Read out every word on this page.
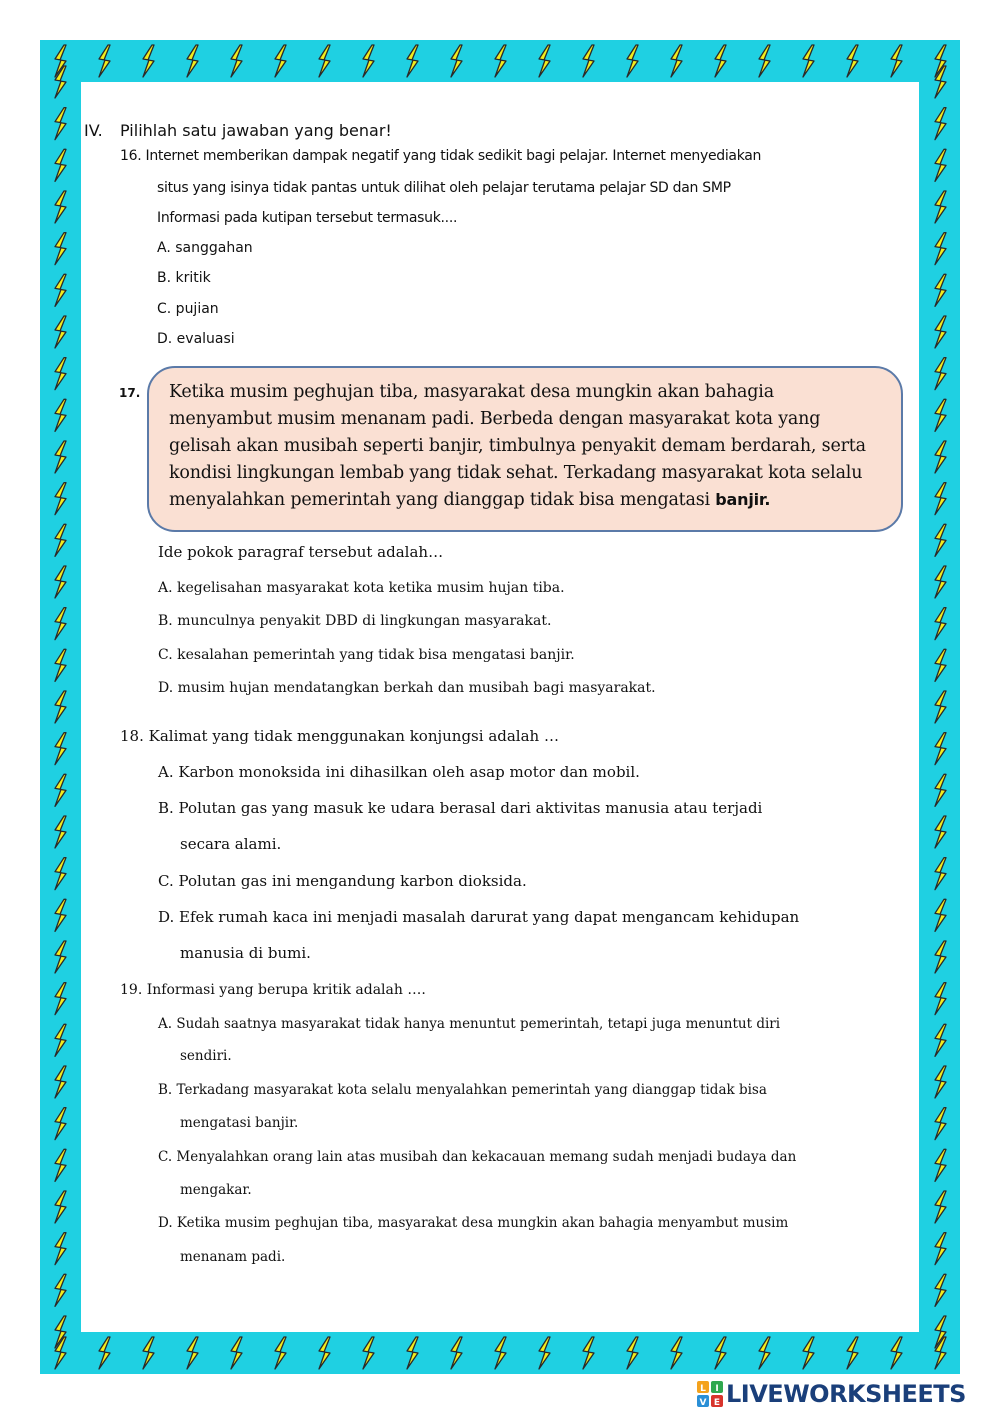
IV. Pilihlah satu jawaban yang benar!
16. Internet memberikan dampak negatif yang tidak sedikit bagi pelajar. Internet menyediakan
situs yang isinya tidak pantas untuk dilihat oleh pelajar terutama pelajar SD dan SMP
Informasi pada kutipan tersebut termasuk....
A. sanggahan
B. kritik
C. pujian
D. evaluasi
17. Ketika musim peghujan tiba, masyarakat desa mungkin akan bahagia
menyambut musim menanam padi. Berbeda dengan masyarakat kota yang
gelisah akan musibah seperti banjir, timbulnya penyakit demam berdarah, serta
kondisi lingkungan lembab yang tidak sehat. Terkadang masyarakat kota selalu
menyalahkan pemerintah yang dianggap tidak bisa mengatasi banjir.
Ide pokok paragraf tersebut adalah…
A. kegelisahan masyarakat kota ketika musim hujan tiba.
B. munculnya penyakit DBD di lingkungan masyarakat.
C. kesalahan pemerintah yang tidak bisa mengatasi banjir.
D. musim hujan mendatangkan berkah dan musibah bagi masyarakat.
18. Kalimat yang tidak menggunakan konjungsi adalah …
A. Karbon monoksida ini dihasilkan oleh asap motor dan mobil.
B. Polutan gas yang masuk ke udara berasal dari aktivitas manusia atau terjadi
secara alami.
C. Polutan gas ini mengandung karbon dioksida.
D. Efek rumah kaca ini menjadi masalah darurat yang dapat mengancam kehidupan
manusia di bumi.
19. Informasi yang berupa kritik adalah ….
A. Sudah saatnya masyarakat tidak hanya menuntut pemerintah, tetapi juga menuntut diri
sendiri.
B. Terkadang masyarakat kota selalu menyalahkan pemerintah yang dianggap tidak bisa
mengatasi banjir.
C. Menyalahkan orang lain atas musibah dan kekacauan memang sudah menjadi budaya dan
mengakar.
D. Ketika musim peghujan tiba, masyarakat desa mungkin akan bahagia menyambut musim
menanam padi.
L I
V E LIVEWORKSHEETS
